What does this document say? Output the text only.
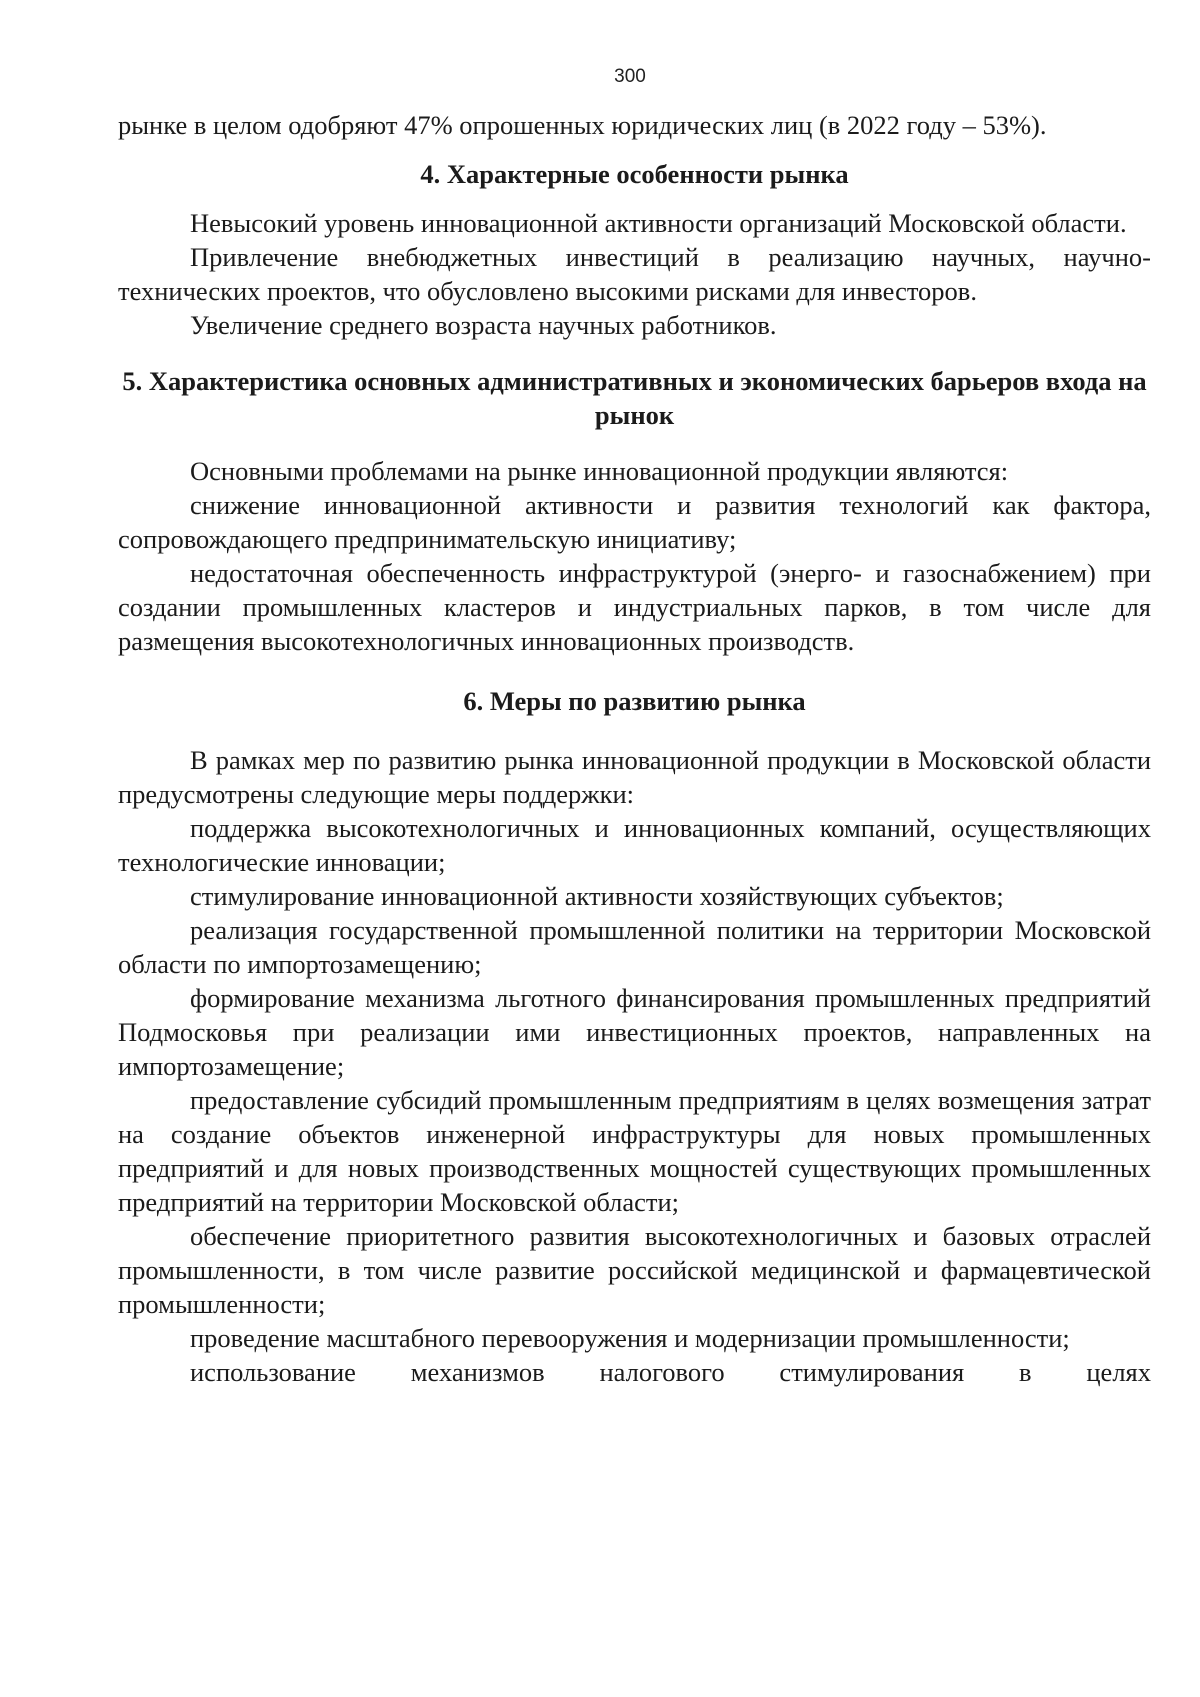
300

рынке в целом одобряют 47% опрошенных юридических лиц (в 2022 году – 53%).

4. Характерные особенности рынка

Невысокий уровень инновационной активности организаций Московской области.

Привлечение внебюджетных инвестиций в реализацию научных, научно-технических проектов, что обусловлено высокими рисками для инвесторов.

Увеличение среднего возраста научных работников.

5. Характеристика основных административных и экономических барьеров входа на рынок

Основными проблемами на рынке инновационной продукции являются:

снижение инновационной активности и развития технологий как фактора, сопровождающего предпринимательскую инициативу;

недостаточная обеспеченность инфраструктурой (энерго- и газоснабжением) при создании промышленных кластеров и индустриальных парков, в том числе для размещения высокотехнологичных инновационных производств.

6. Меры по развитию рынка

В рамках мер по развитию рынка инновационной продукции в Московской области предусмотрены следующие меры поддержки:

поддержка высокотехнологичных и инновационных компаний, осуществляющих технологические инновации;

стимулирование инновационной активности хозяйствующих субъектов;

реализация государственной промышленной политики на территории Московской области по импортозамещению;

формирование механизма льготного финансирования промышленных предприятий Подмосковья при реализации ими инвестиционных проектов, направленных на импортозамещение;

предоставление субсидий промышленным предприятиям в целях возмещения затрат на создание объектов инженерной инфраструктуры для новых промышленных предприятий и для новых производственных мощностей существующих промышленных предприятий на территории Московской области;

обеспечение приоритетного развития высокотехнологичных и базовых отраслей промышленности, в том числе развитие российской медицинской и фармацевтической промышленности;

проведение масштабного перевооружения и модернизации промышленности;

использование механизмов налогового стимулирования в целях
